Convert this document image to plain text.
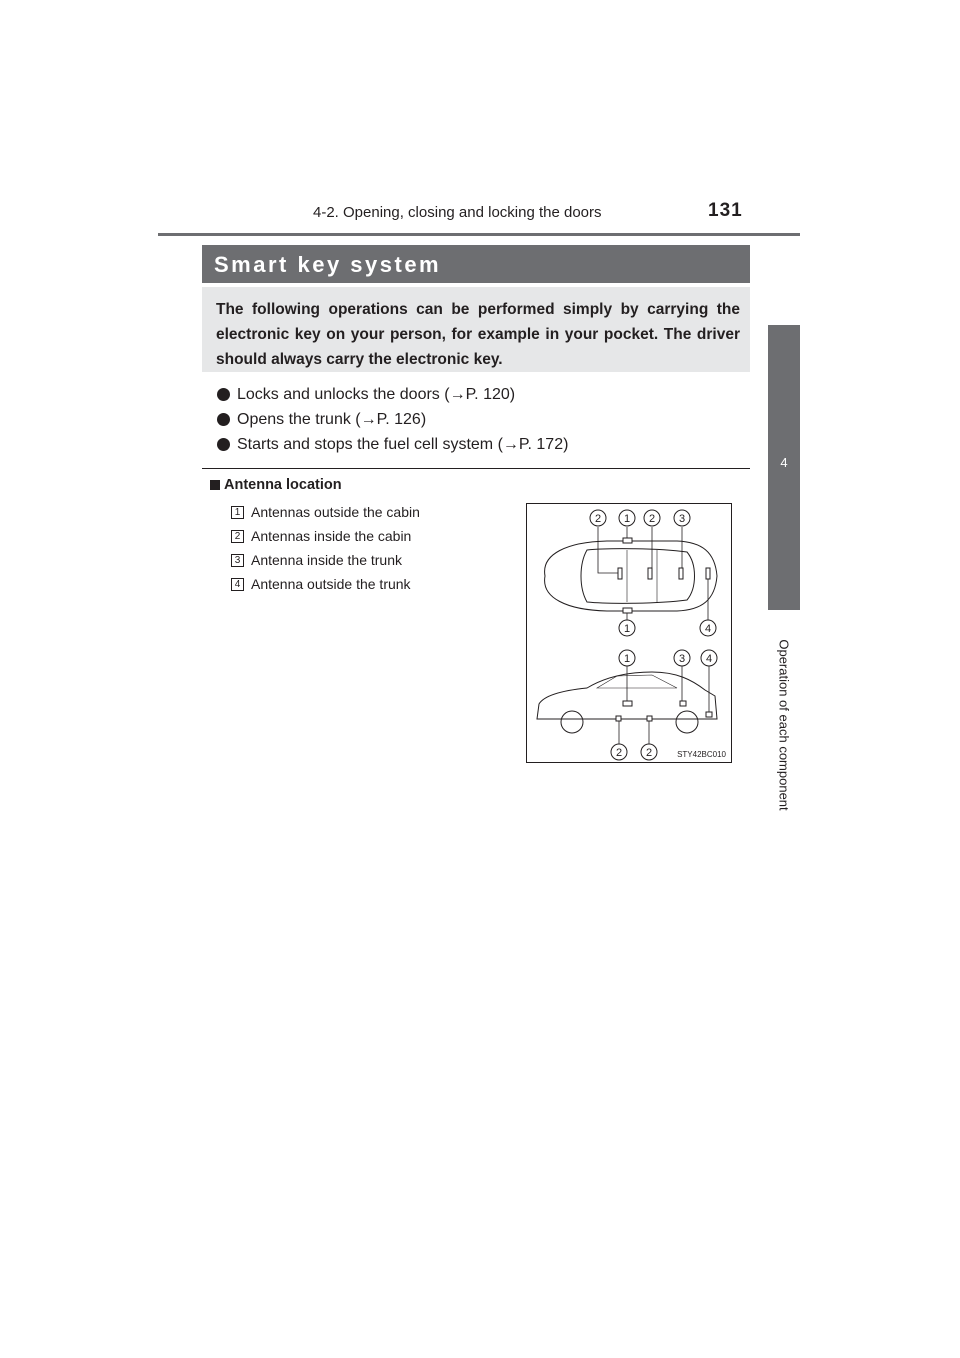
4-2. Opening, closing and locking the doors	131
4
Operation of each component
Smart key system
The following operations can be performed simply by carrying the electronic key on your person, for example in your pocket. The driver should always carry the electronic key.
Locks and unlocks the doors (→P. 120)
Opens the trunk (→P. 126)
Starts and stops the fuel cell system (→P. 172)
Antenna location
1 Antennas outside the cabin
2 Antennas inside the cabin
3 Antenna inside the trunk
4 Antenna outside the trunk
2 1 2 3
1	4
1	3 4
2 2	STY42BC010
